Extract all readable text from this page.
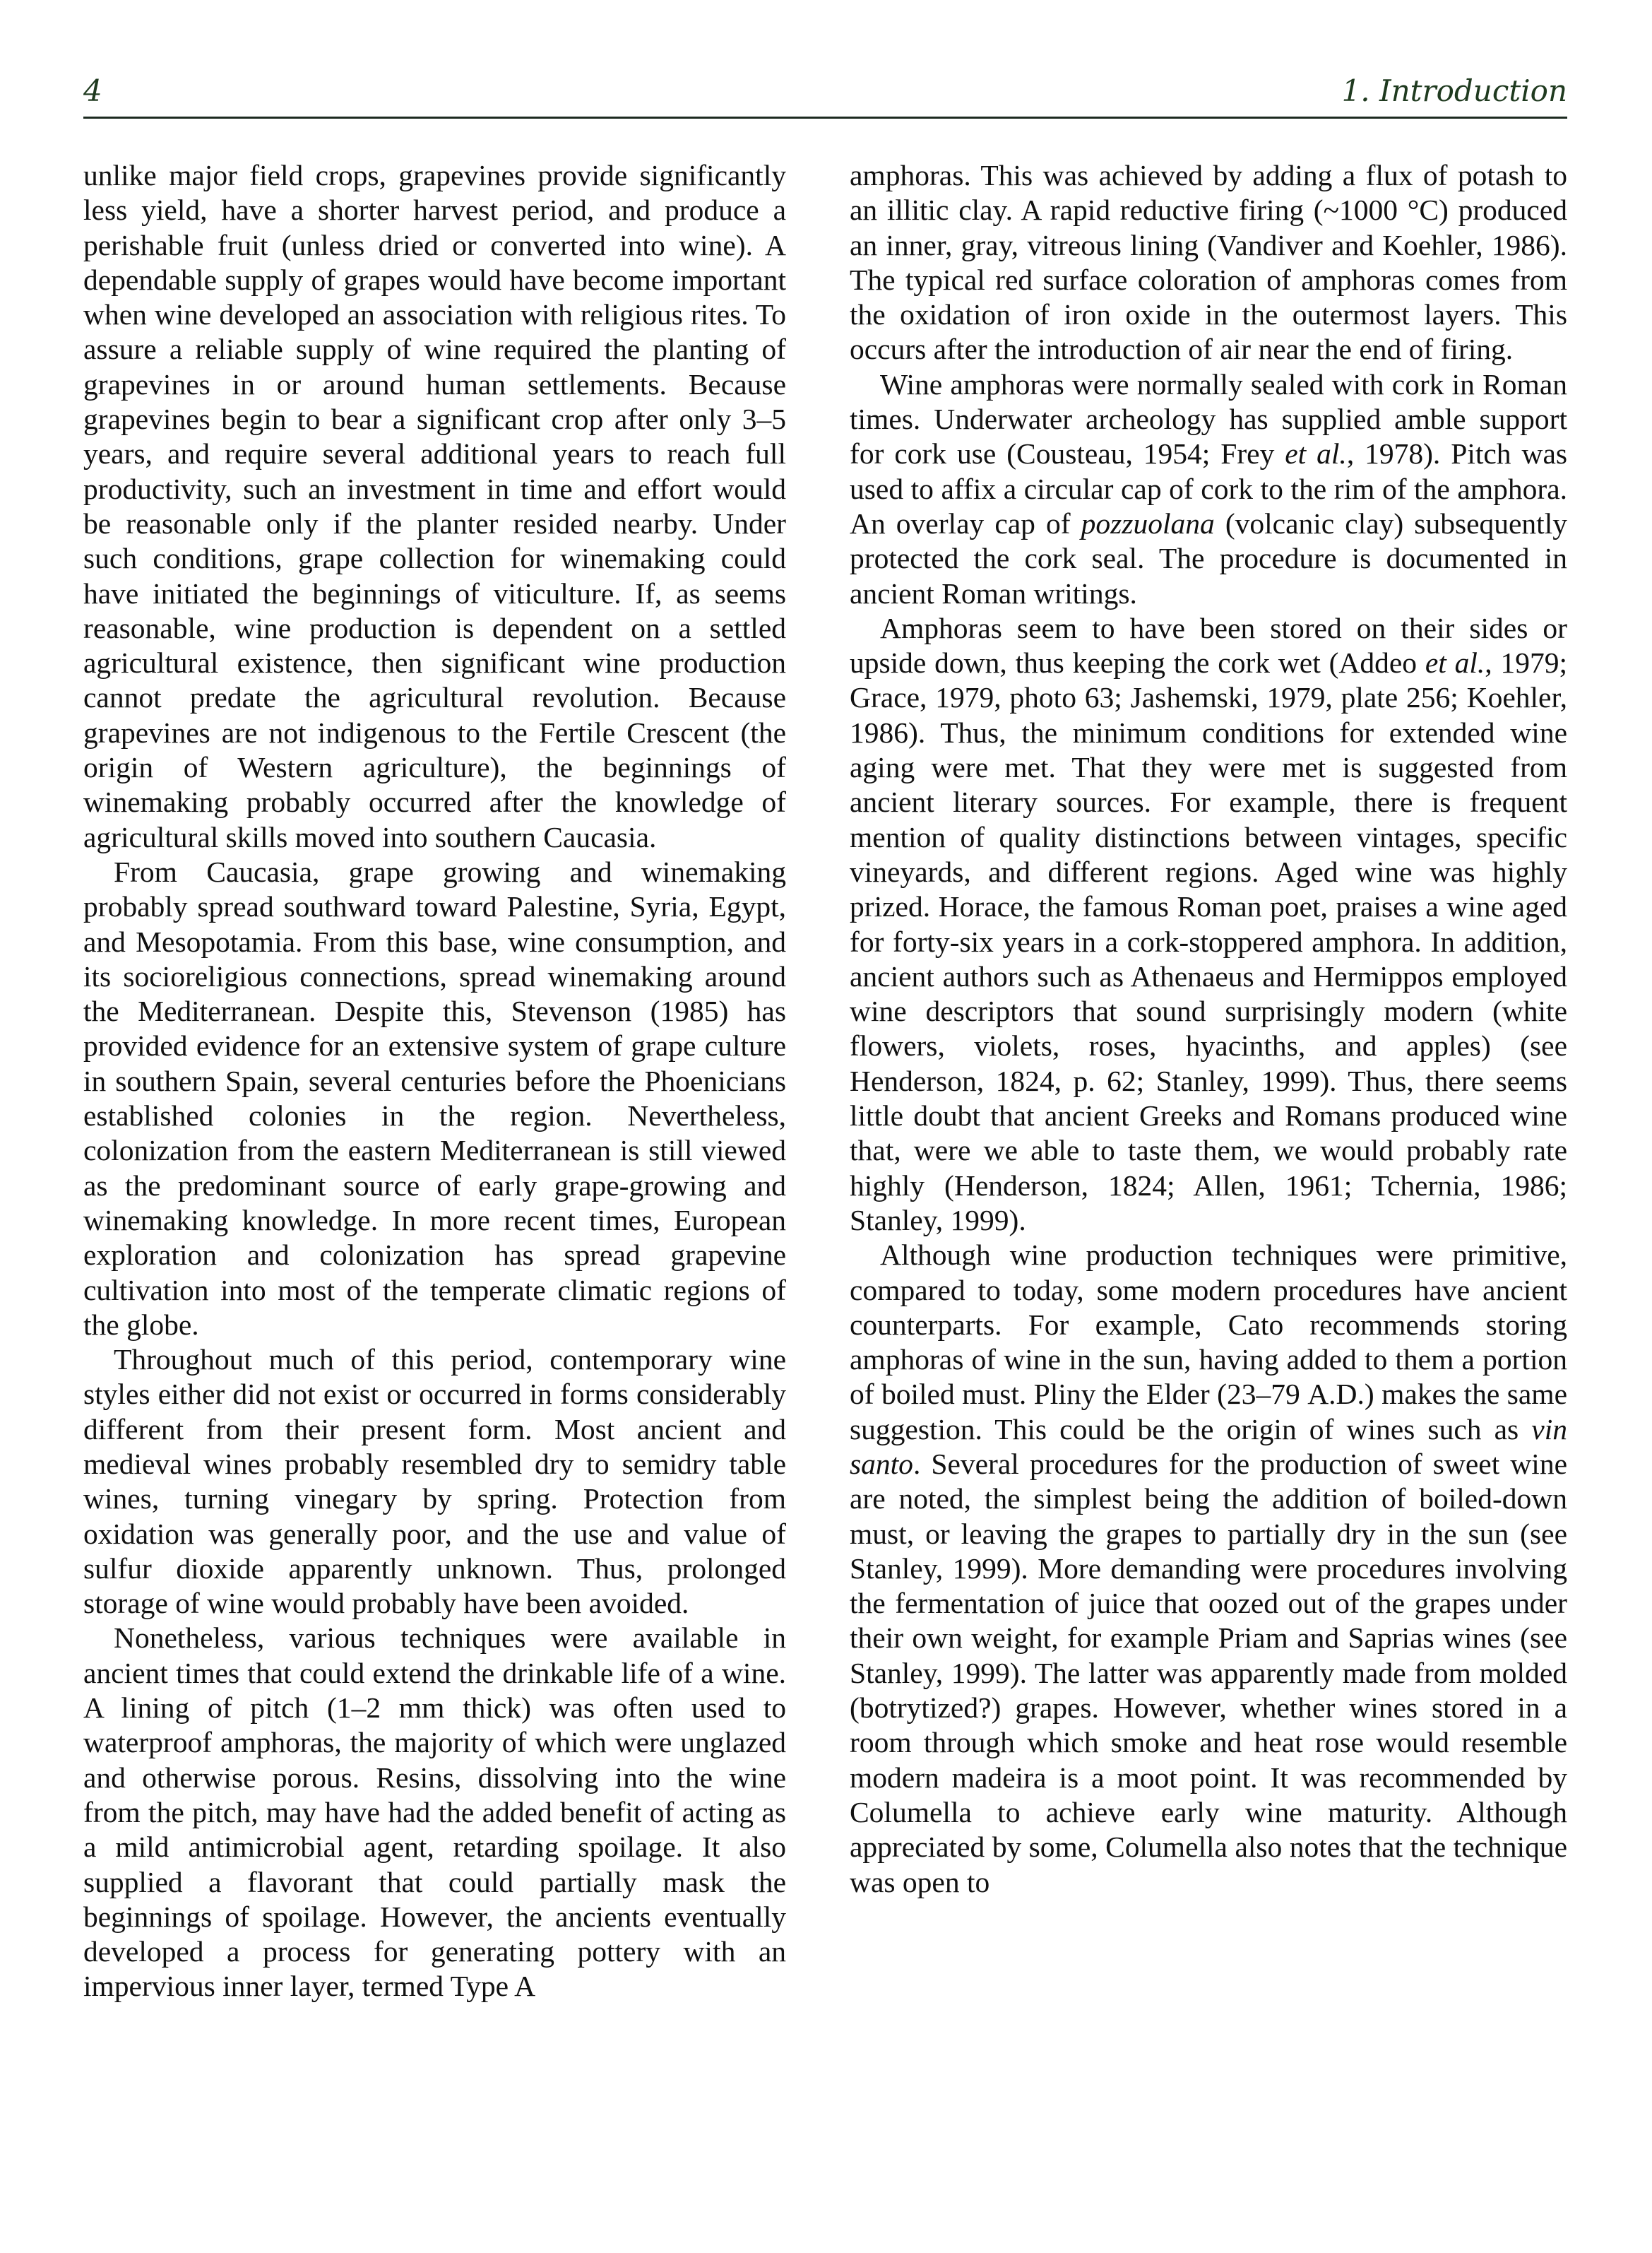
4	1. Introduction

unlike major field crops, grapevines provide significantly less yield, have a shorter harvest period, and produce a perishable fruit (unless dried or converted into wine). A dependable supply of grapes would have become important when wine developed an association with religious rites. To assure a reliable supply of wine required the planting of grapevines in or around human settlements. Because grapevines begin to bear a significant crop after only 3–5 years, and require several additional years to reach full productivity, such an investment in time and effort would be reasonable only if the planter resided nearby. Under such conditions, grape collection for winemaking could have initiated the beginnings of viticulture. If, as seems reasonable, wine production is dependent on a settled agricultural existence, then significant wine production cannot predate the agricultural revolution. Because grapevines are not indigenous to the Fertile Crescent (the origin of Western agriculture), the beginnings of winemaking probably occurred after the knowledge of agricultural skills moved into southern Caucasia.

From Caucasia, grape growing and winemaking probably spread southward toward Palestine, Syria, Egypt, and Mesopotamia. From this base, wine consumption, and its socioreligious connections, spread winemaking around the Mediterranean. Despite this, Stevenson (1985) has provided evidence for an extensive system of grape culture in southern Spain, several centuries before the Phoenicians established colonies in the region. Nevertheless, colonization from the eastern Mediterranean is still viewed as the predominant source of early grape-growing and winemaking knowledge. In more recent times, European exploration and colonization has spread grapevine cultivation into most of the temperate climatic regions of the globe.

Throughout much of this period, contemporary wine styles either did not exist or occurred in forms considerably different from their present form. Most ancient and medieval wines probably resembled dry to semidry table wines, turning vinegary by spring. Protection from oxidation was generally poor, and the use and value of sulfur dioxide apparently unknown. Thus, prolonged storage of wine would probably have been avoided.

Nonetheless, various techniques were available in ancient times that could extend the drinkable life of a wine. A lining of pitch (1–2 mm thick) was often used to waterproof amphoras, the majority of which were unglazed and otherwise porous. Resins, dissolving into the wine from the pitch, may have had the added benefit of acting as a mild antimicrobial agent, retarding spoilage. It also supplied a flavorant that could partially mask the beginnings of spoilage. However, the ancients eventually developed a process for generating pottery with an impervious inner layer, termed Type A

amphoras. This was achieved by adding a flux of potash to an illitic clay. A rapid reductive firing (~1000 °C) produced an inner, gray, vitreous lining (Vandiver and Koehler, 1986). The typical red surface coloration of amphoras comes from the oxidation of iron oxide in the outermost layers. This occurs after the introduction of air near the end of firing.

Wine amphoras were normally sealed with cork in Roman times. Underwater archeology has supplied amble support for cork use (Cousteau, 1954; Frey et al., 1978). Pitch was used to affix a circular cap of cork to the rim of the amphora. An overlay cap of pozzuolana (volcanic clay) subsequently protected the cork seal. The procedure is documented in ancient Roman writings.

Amphoras seem to have been stored on their sides or upside down, thus keeping the cork wet (Addeo et al., 1979; Grace, 1979, photo 63; Jashemski, 1979, plate 256; Koehler, 1986). Thus, the minimum conditions for extended wine aging were met. That they were met is suggested from ancient literary sources. For example, there is frequent mention of quality distinctions between vintages, specific vineyards, and different regions. Aged wine was highly prized. Horace, the famous Roman poet, praises a wine aged for forty-six years in a cork-stoppered amphora. In addition, ancient authors such as Athenaeus and Hermippos employed wine descriptors that sound surprisingly modern (white flowers, violets, roses, hyacinths, and apples) (see Henderson, 1824, p. 62; Stanley, 1999). Thus, there seems little doubt that ancient Greeks and Romans produced wine that, were we able to taste them, we would probably rate highly (Henderson, 1824; Allen, 1961; Tchernia, 1986; Stanley, 1999).

Although wine production techniques were primitive, compared to today, some modern procedures have ancient counterparts. For example, Cato recommends storing amphoras of wine in the sun, having added to them a portion of boiled must. Pliny the Elder (23–79 A.D.) makes the same suggestion. This could be the origin of wines such as vin santo. Several procedures for the production of sweet wine are noted, the simplest being the addition of boiled-down must, or leaving the grapes to partially dry in the sun (see Stanley, 1999). More demanding were procedures involving the fermentation of juice that oozed out of the grapes under their own weight, for example Priam and Saprias wines (see Stanley, 1999). The latter was apparently made from molded (botrytized?) grapes. However, whether wines stored in a room through which smoke and heat rose would resemble modern madeira is a moot point. It was recommended by Columella to achieve early wine maturity. Although appreciated by some, Columella also notes that the technique was open to
